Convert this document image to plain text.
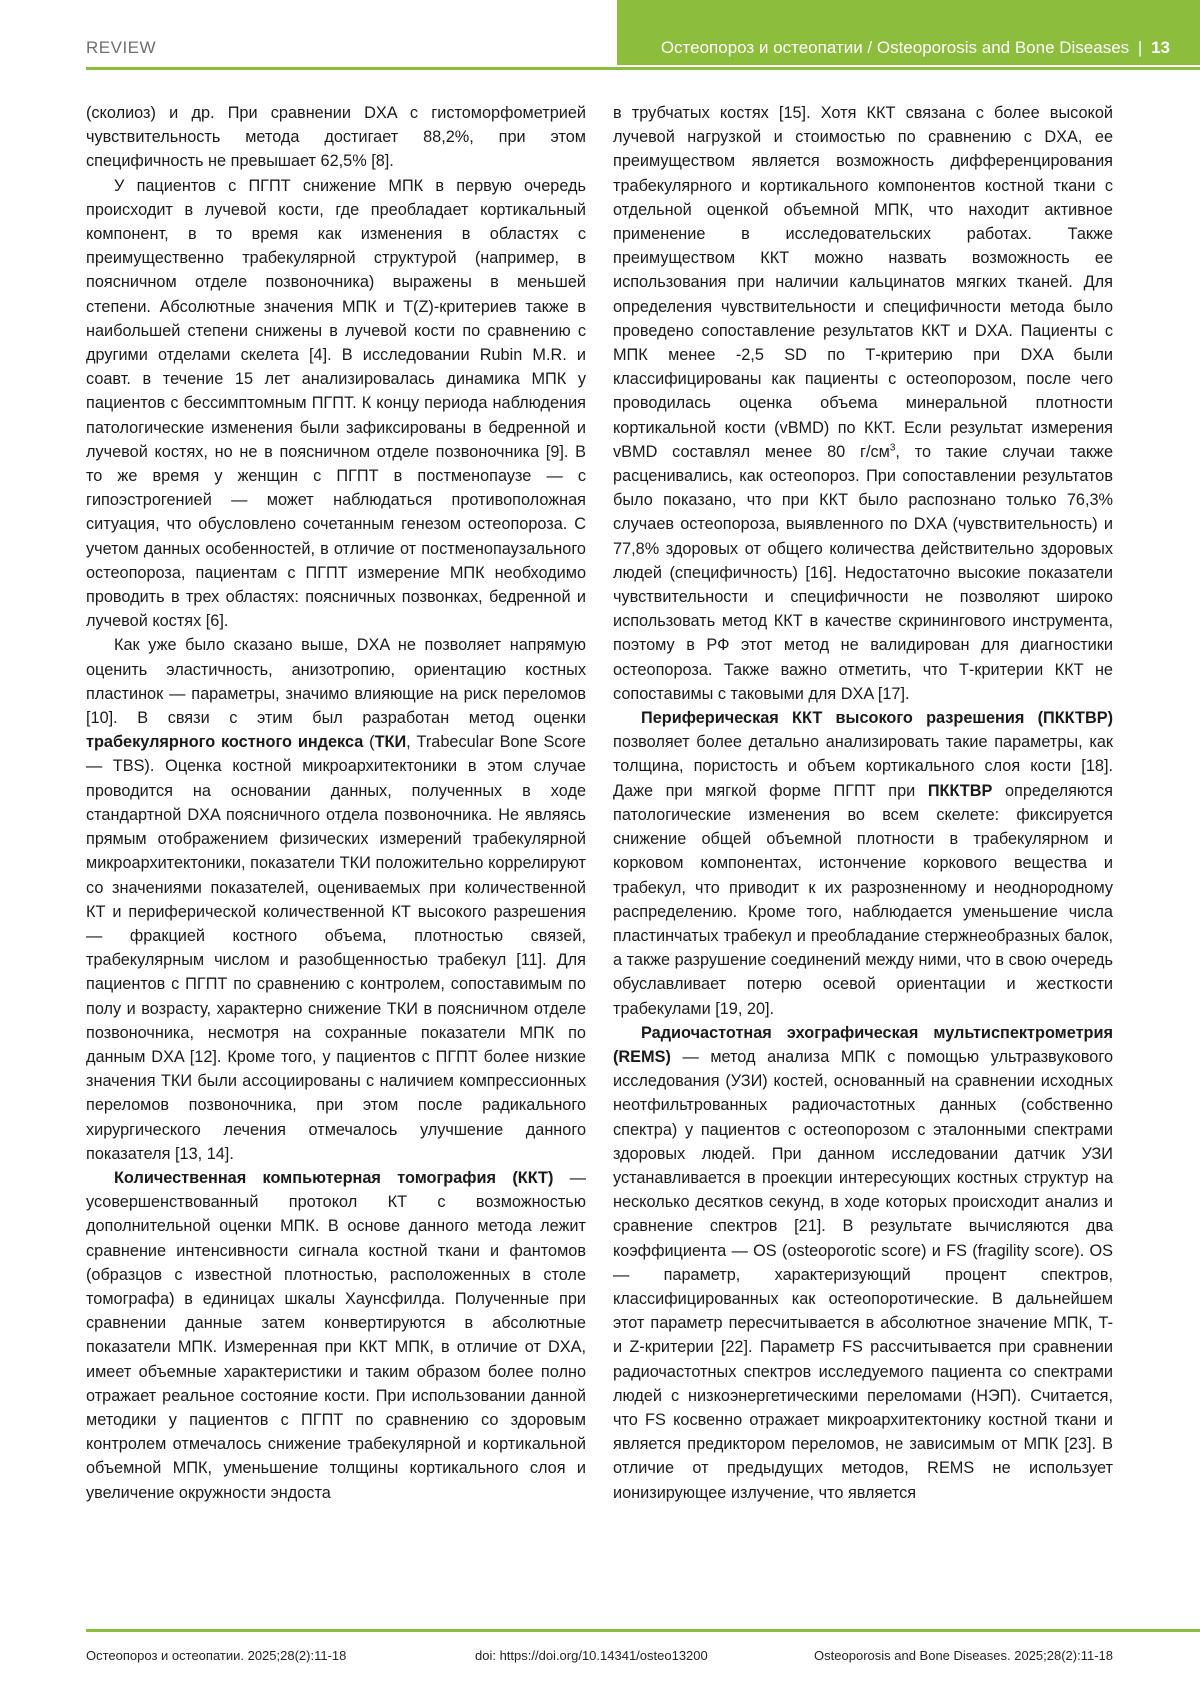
REVIEW	Остеопороз и остеопатии / Osteoporosis and Bone Diseases | 13

(сколиоз) и др. При сравнении DXA с гистоморфометрией чувствительность метода достигает 88,2%, при этом специфичность не превышает 62,5% [8].

У пациентов с ПГПТ снижение МПК в первую очередь происходит в лучевой кости, где преобладает кортикальный компонент, в то время как изменения в областях с преимущественно трабекулярной структурой (например, в поясничном отделе позвоночника) выражены в меньшей степени. Абсолютные значения МПК и T(Z)-критериев также в наибольшей степени снижены в лучевой кости по сравнению с другими отделами скелета [4]. В исследовании Rubin M.R. и соавт. в течение 15 лет анализировалась динамика МПК у пациентов с бессимптомным ПГПТ. К концу периода наблюдения патологические изменения были зафиксированы в бедренной и лучевой костях, но не в поясничном отделе позвоночника [9]. В то же время у женщин с ПГПТ в постменопаузе — с гипоэстрогенией — может наблюдаться противоположная ситуация, что обусловлено сочетанным генезом остеопороза. С учетом данных особенностей, в отличие от постменопаузального остеопороза, пациентам с ПГПТ измерение МПК необходимо проводить в трех областях: поясничных позвонках, бедренной и лучевой костях [6].

Как уже было сказано выше, DXA не позволяет напрямую оценить эластичность, анизотропию, ориентацию костных пластинок — параметры, значимо влияющие на риск переломов [10]. В связи с этим был разработан метод оценки трабекулярного костного индекса (ТКИ, Trabecular Bone Score — TBS). Оценка костной микроархитектоники в этом случае проводится на основании данных, полученных в ходе стандартной DXA поясничного отдела позвоночника. Не являясь прямым отображением физических измерений трабекулярной микроархитектоники, показатели ТКИ положительно коррелируют со значениями показателей, оцениваемых при количественной КТ и периферической количественной КТ высокого разрешения — фракцией костного объема, плотностью связей, трабекулярным числом и разобщенностью трабекул [11]. Для пациентов с ПГПТ по сравнению с контролем, сопоставимым по полу и возрасту, характерно снижение ТКИ в поясничном отделе позвоночника, несмотря на сохранные показатели МПК по данным DXA [12]. Кроме того, у пациентов с ПГПТ более низкие значения ТКИ были ассоциированы с наличием компрессионных переломов позвоночника, при этом после радикального хирургического лечения отмечалось улучшение данного показателя [13, 14].

Количественная компьютерная томография (ККТ) — усовершенствованный протокол КТ с возможностью дополнительной оценки МПК. В основе данного метода лежит сравнение интенсивности сигнала костной ткани и фантомов (образцов с известной плотностью, расположенных в столе томографа) в единицах шкалы Хаунсфилда. Полученные при сравнении данные затем конвертируются в абсолютные показатели МПК. Измеренная при ККТ МПК, в отличие от DXA, имеет объемные характеристики и таким образом более полно отражает реальное состояние кости. При использовании данной методики у пациентов с ПГПТ по сравнению со здоровым контролем отмечалось снижение трабекулярной и кортикальной объемной МПК, уменьшение толщины кортикального слоя и увеличение окружности эндоста

в трубчатых костях [15]. Хотя ККТ связана с более высокой лучевой нагрузкой и стоимостью по сравнению с DXA, ее преимуществом является возможность дифференцирования трабекулярного и кортикального компонентов костной ткани с отдельной оценкой объемной МПК, что находит активное применение в исследовательских работах. Также преимуществом ККТ можно назвать возможность ее использования при наличии кальцинатов мягких тканей. Для определения чувствительности и специфичности метода было проведено сопоставление результатов ККТ и DXA. Пациенты с МПК менее -2,5 SD по Т-критерию при DXA были классифицированы как пациенты с остеопорозом, после чего проводилась оценка объема минеральной плотности кортикальной кости (vBMD) по ККТ. Если результат измерения vBMD составлял менее 80 $г/см^3$, то такие случаи также расценивались, как остеопороз. При сопоставлении результатов было показано, что при ККТ было распознано только 76,3% случаев остеопороза, выявленного по DXA (чувствительность) и 77,8% здоровых от общего количества действительно здоровых людей (специфичность) [16]. Недостаточно высокие показатели чувствительности и специфичности не позволяют широко использовать метод ККТ в качестве скринингового инструмента, поэтому в РФ этот метод не валидирован для диагностики остеопороза. Также важно отметить, что Т-критерии ККТ не сопоставимы с таковыми для DXA [17].

Периферическая ККТ высокого разрешения (ПККТВР) позволяет более детально анализировать такие параметры, как толщина, пористость и объем кортикального слоя кости [18]. Даже при мягкой форме ПГПТ при ПККТВР определяются патологические изменения во всем скелете: фиксируется снижение общей объемной плотности в трабекулярном и корковом компонентах, истончение коркового вещества и трабекул, что приводит к их разрозненному и неоднородному распределению. Кроме того, наблюдается уменьшение числа пластинчатых трабекул и преобладание стержнеобразных балок, а также разрушение соединений между ними, что в свою очередь обуславливает потерю осевой ориентации и жесткости трабекулами [19, 20].

Радиочастотная эхографическая мультиспектрометрия (REMS) — метод анализа МПК с помощью ультразвукового исследования (УЗИ) костей, основанный на сравнении исходных неотфильтрованных радиочастотных данных (собственно спектра) у пациентов с остеопорозом с эталонными спектрами здоровых людей. При данном исследовании датчик УЗИ устанавливается в проекции интересующих костных структур на несколько десятков секунд, в ходе которых происходит анализ и сравнение спектров [21]. В результате вычисляются два коэффициента — OS (osteoporotic score) и FS (fragility score). OS — параметр, характеризующий процент спектров, классифицированных как остеопоротические. В дальнейшем этот параметр пересчитывается в абсолютное значение МПК, T- и Z-критерии [22]. Параметр FS рассчитывается при сравнении радиочастотных спектров исследуемого пациента со спектрами людей с низкоэнергетическими переломами (НЭП). Считается, что FS косвенно отражает микроархитектонику костной ткани и является предиктором переломов, не зависимым от МПК [23]. В отличие от предыдущих методов, REMS не использует ионизирующее излучение, что является

Остеопороз и остеопатии. 2025;28(2):11-18	doi: https://doi.org/10.14341/osteo13200	Osteoporosis and Bone Diseases. 2025;28(2):11-18
